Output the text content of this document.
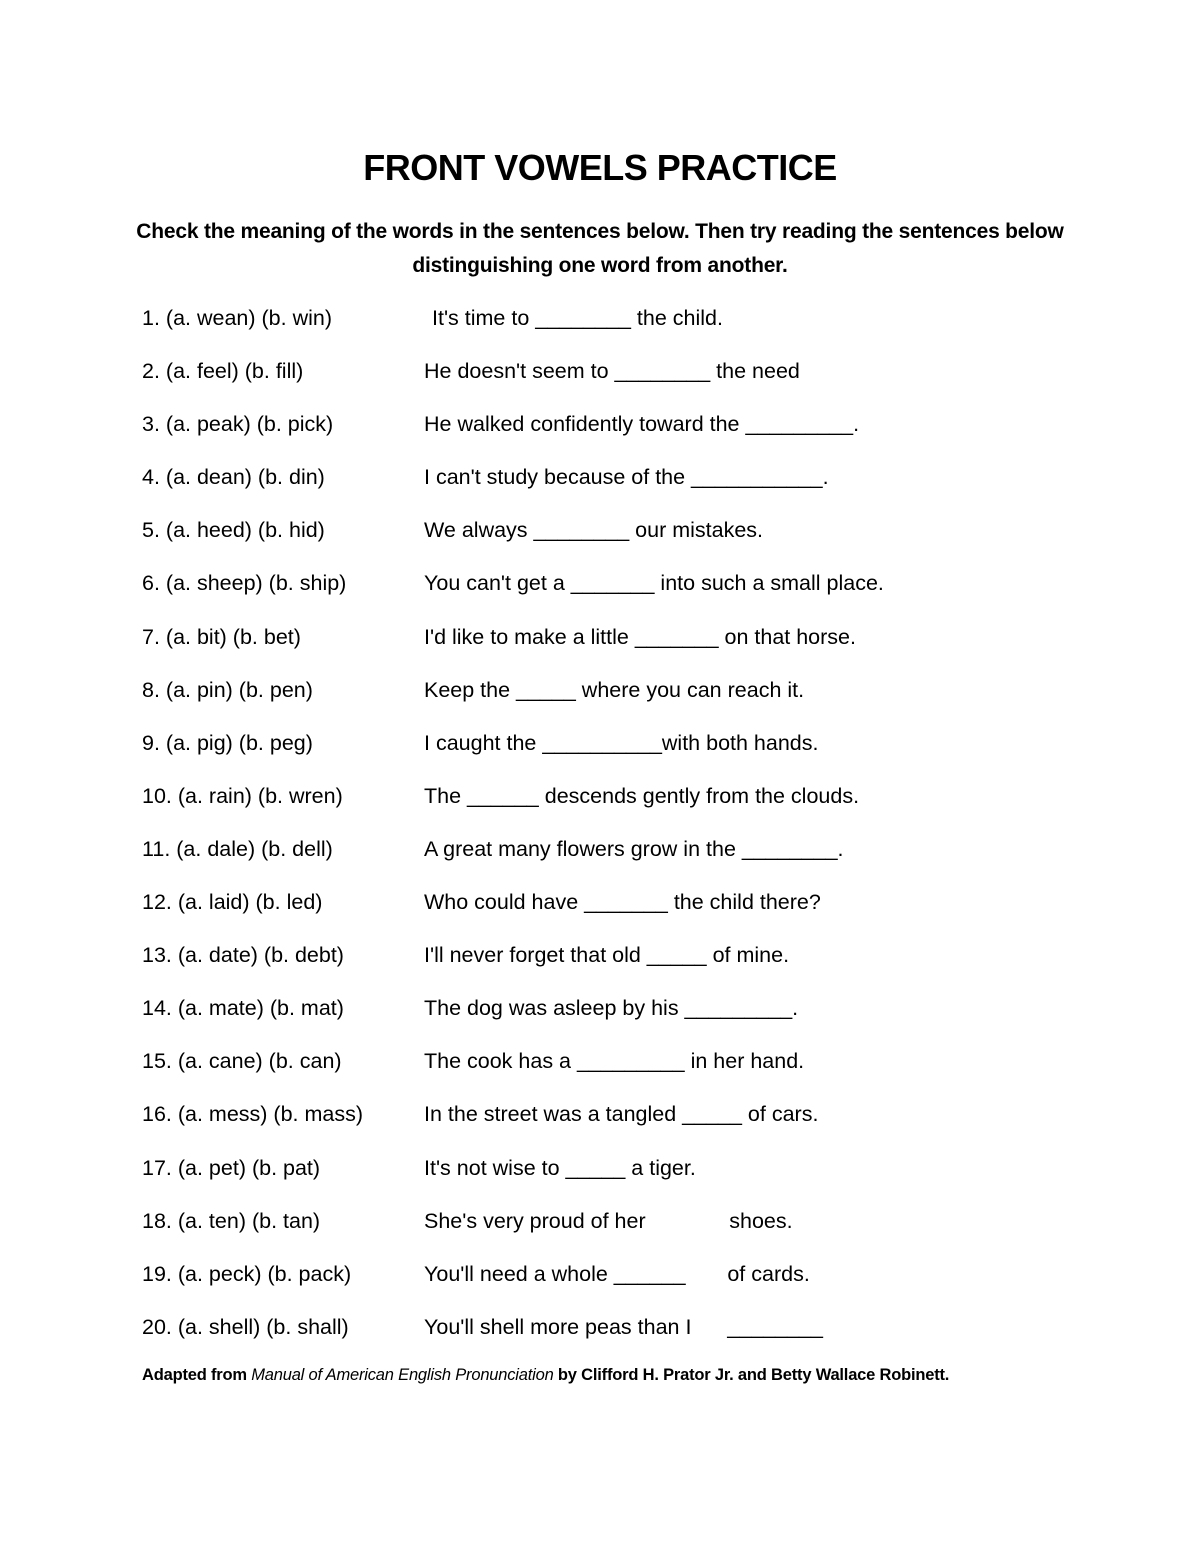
FRONT VOWELS PRACTICE
Check the meaning of the words in the sentences below. Then try reading the sentences below distinguishing one word from another.
1. (a. wean) (b. win)	It's time to ________ the child.
2. (a. feel) (b. fill)	He doesn't seem to ________ the need
3. (a. peak) (b. pick)	He walked confidently toward the _________.
4. (a. dean) (b. din)	I can't study because of the ___________.
5. (a. heed) (b. hid)	We always ________ our mistakes.
6. (a. sheep) (b. ship)	You can't get a _______ into such a small place.
7. (a. bit) (b. bet)	I'd like to make a little _______ on that horse.
8. (a. pin) (b. pen)	Keep the _____ where you can reach it.
9. (a. pig) (b. peg)	I caught the __________with both hands.
10. (a. rain) (b. wren)	The ______ descends gently from the clouds.
11. (a. dale) (b. dell)	A great many flowers grow in the ________.
12. (a. laid) (b. led)	Who could have _______ the child there?
13. (a. date) (b. debt)	I'll never forget that old _____ of mine.
14. (a. mate) (b. mat)	The dog was asleep by his _________.
15. (a. cane) (b. can)	The cook has a _________ in her hand.
16. (a. mess) (b. mass)	In the street was a tangled _____ of cars.
17. (a. pet) (b. pat)	It's not wise to _____ a tiger.
18. (a. ten) (b. tan)	She's very proud of her              shoes.
19. (a. peck) (b. pack)	You'll need a whole ______       of cards.
20. (a. shell) (b. shall)	You'll shell more peas than I      ________
Adapted from Manual of American English Pronunciation by Clifford H. Prator Jr. and Betty Wallace Robinett.
